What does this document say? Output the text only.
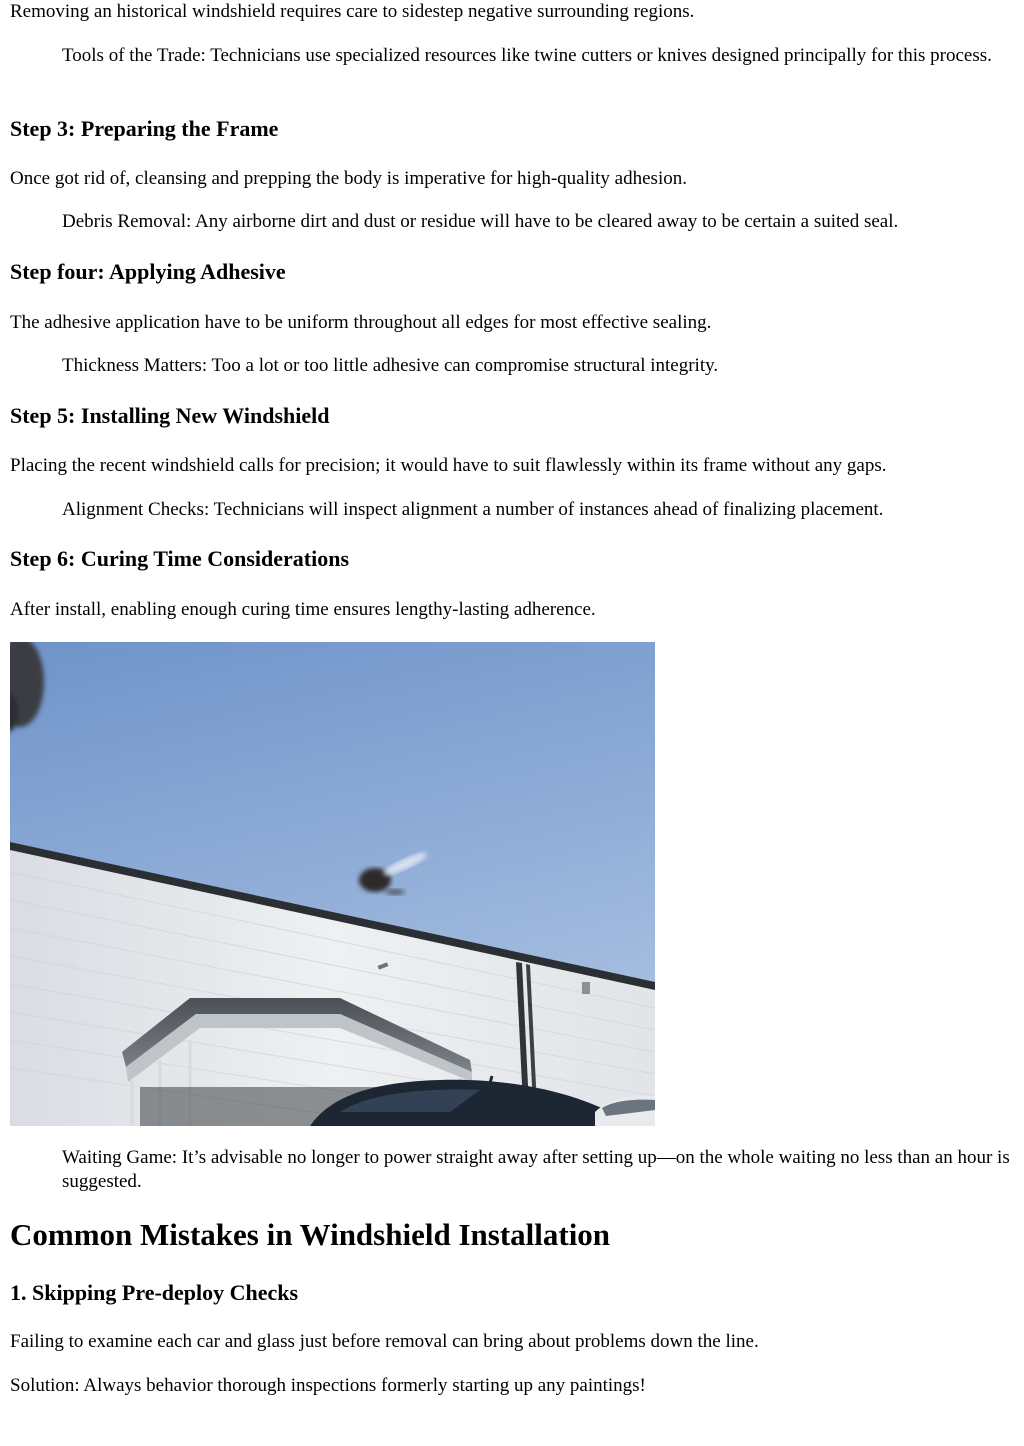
Removing an historical windshield requires care to sidestep negative surrounding regions.

Tools of the Trade: Technicians use specialized resources like twine cutters or knives designed principally for this process.

Step 3: Preparing the Frame

Once got rid of, cleansing and prepping the body is imperative for high-quality adhesion.

Debris Removal: Any airborne dirt and dust or residue will have to be cleared away to be certain a suited seal.

Step four: Applying Adhesive

The adhesive application have to be uniform throughout all edges for most effective sealing.

Thickness Matters: Too a lot or too little adhesive can compromise structural integrity.

Step 5: Installing New Windshield

Placing the recent windshield calls for precision; it would have to suit flawlessly within its frame without any gaps.

Alignment Checks: Technicians will inspect alignment a number of instances ahead of finalizing placement.

Step 6: Curing Time Considerations

After install, enabling enough curing time ensures lengthy-lasting adherence.

Waiting Game: It’s advisable no longer to power straight away after setting up—on the whole waiting no less than an hour is suggested.

Common Mistakes in Windshield Installation
1. Skipping Pre-deploy Checks

Failing to examine each car and glass just before removal can bring about problems down the line.

Solution: Always behavior thorough inspections formerly starting up any paintings!
